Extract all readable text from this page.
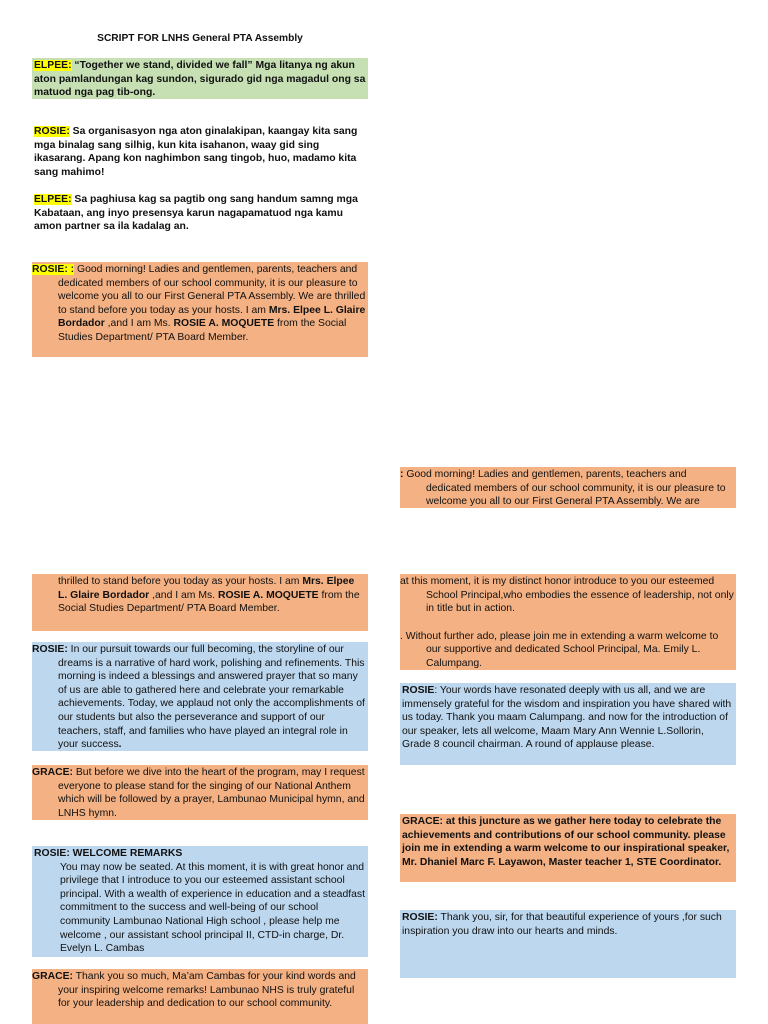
SCRIPT FOR LNHS General PTA Assembly
ELPEE: “Together we stand, divided we fall” Mga litanya ng akun aton pamlandungan kag sundon, sigurado gid nga magadul ong sa matuod nga pag tib-ong.
ROSIE: Sa organisasyon nga aton ginalakipan, kaangay kita sang mga binalag sang silhig, kun kita isahanon, waay gid sing ikasarang. Apang kon naghimbon sang tingob, huo, madamo kita sang mahimo!
ELPEE: Sa paghiusa kag sa pagtib ong sang handum samng mga Kabataan, ang inyo presensya karun nagapamatuod nga kamu amon partner sa ila kadalag an.
ROSIE: : Good morning! Ladies and gentlemen, parents, teachers and dedicated members of our school community, it is our pleasure to welcome you all to our First General PTA Assembly. We are thrilled to stand before you today as your hosts. I am Mrs. Elpee L. Glaire Bordador ,and I am Ms. ROSIE A. MOQUETE from the Social Studies Department/ PTA Board Member.
: Good morning! Ladies and gentlemen, parents, teachers and dedicated members of our school community, it is our pleasure to welcome you all to our First General PTA Assembly. We are
thrilled to stand before you today as your hosts. I am Mrs. Elpee L. Glaire Bordador ,and I am Ms. ROSIE A. MOQUETE from the Social Studies Department/ PTA Board Member.
ROSIE: In our pursuit towards our full becoming, the storyline of our dreams is a narrative of hard work, polishing and refinements. This morning is indeed a blessings and answered prayer that so many of us are able to gathered here and celebrate your remarkable achievements. Today, we applaud not only the accomplishments of our students but also the perseverance and support of our teachers, staff, and families who have played an integral role in your success.
GRACE: But before we dive into the heart of the program, may I request everyone to please stand for the singing of our National Anthem which will be followed by a prayer, Lambunao Municipal hymn, and LNHS hymn.

ROSIE: WELCOME REMARKS

You may now be seated. At this moment, it is with great honor and privilege that I introduce to you our esteemed assistant school principal. With a wealth of experience in education and a steadfast commitment to the success and well-being of our school community Lambunao National High school , please help me welcome , our assistant school principal II, CTD-in charge, Dr. Evelyn L. Cambas

GRACE: Thank you so much, Ma’am Cambas for your kind words and your inspiring welcome remarks! Lambunao NHS is truly grateful for your leadership and dedication to our school community.

at this moment, it is my distinct honor introduce to you our esteemed School Principal,who embodies the essence of leadership, not only in title but in action.

. Without further ado, please join me in extending a warm welcome to our supportive and dedicated School Principal, Ma. Emily L. Calumpang.

ROSIE: Your words have resonated deeply with us all, and we are immensely grateful for the wisdom and inspiration you have shared with us today. Thank you maam Calumpang. and now for the introduction of our speaker, lets all welcome, Maam Mary Ann Wennie L.Sollorin, Grade 8 council chairman. A round of applause please.
GRACE: at this juncture as we gather here today to celebrate the achievements and contributions of our school community. please join me in extending a warm welcome to our inspirational speaker, Mr. Dhaniel Marc F. Layawon, Master teacher 1, STE Coordinator.
ROSIE: Thank you, sir, for that beautiful experience of yours ,for such inspiration you draw into our hearts and minds.
